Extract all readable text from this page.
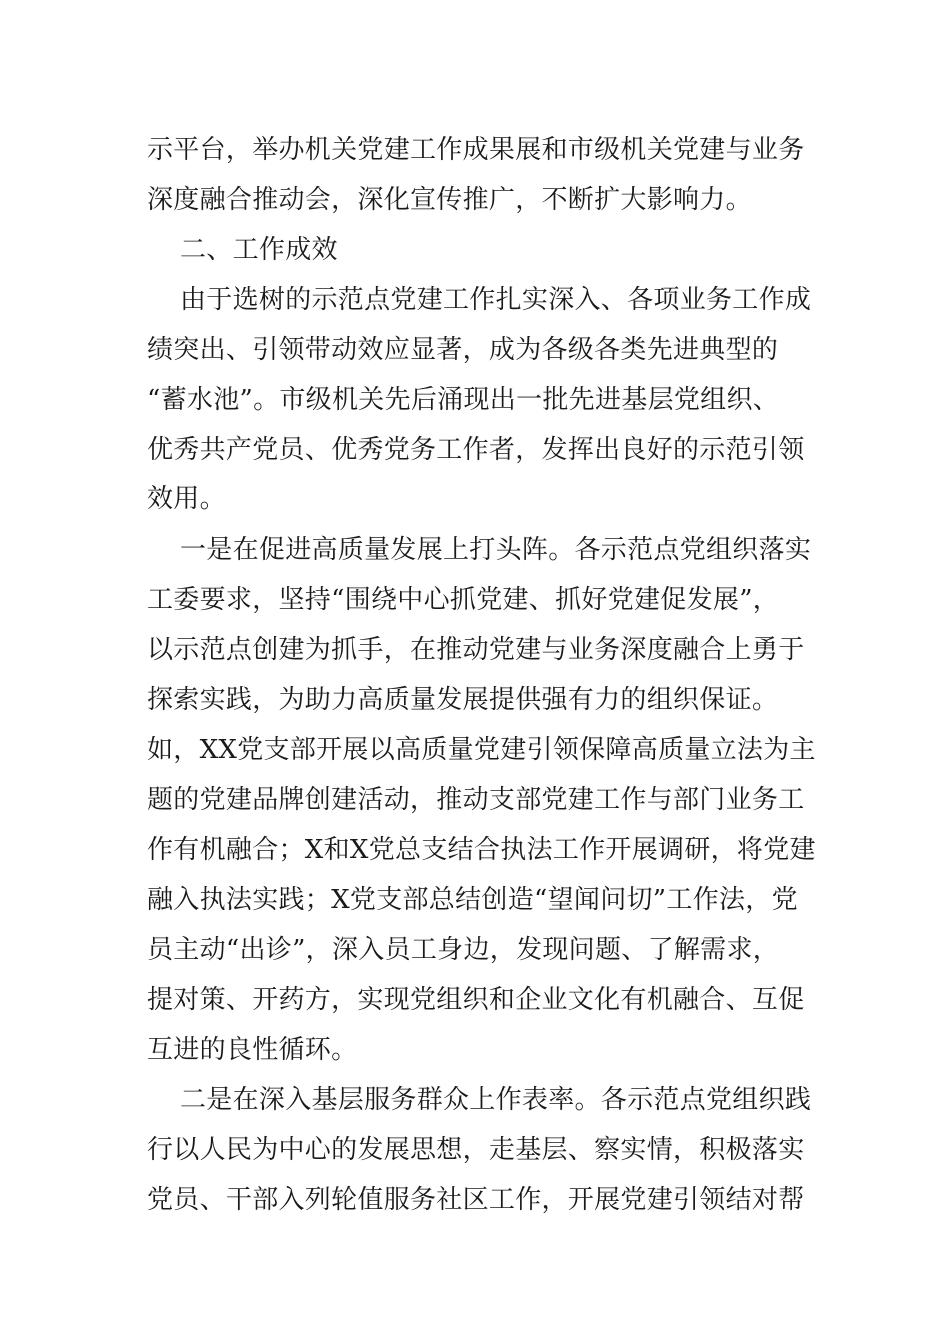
示平台，举办机关党建工作成果展和市级机关党建与业务

深度融合推动会，深化宣传推广，不断扩大影响力。

二、工作成效

由于选树的示范点党建工作扎实深入、各项业务工作成

绩突出、引领带动效应显著，成为各级各类先进典型的

“蓄水池”。市级机关先后涌现出一批先进基层党组织、

优秀共产党员、优秀党务工作者，发挥出良好的示范引领

效用。

一是在促进高质量发展上打头阵。各示范点党组织落实

工委要求，坚持“围绕中心抓党建、抓好党建促发展”，

以示范点创建为抓手，在推动党建与业务深度融合上勇于

探索实践，为助力高质量发展提供强有力的组织保证。

如，XX党支部开展以高质量党建引领保障高质量立法为主

题的党建品牌创建活动，推动支部党建工作与部门业务工

作有机融合；X和X党总支结合执法工作开展调研，将党建

融入执法实践；X党支部总结创造“望闻问切”工作法，党

员主动“出诊”，深入员工身边，发现问题、了解需求，

提对策、开药方，实现党组织和企业文化有机融合、互促

互进的良性循环。

二是在深入基层服务群众上作表率。各示范点党组织践

行以人民为中心的发展思想，走基层、察实情，积极落实

党员、干部入列轮值服务社区工作，开展党建引领结对帮
